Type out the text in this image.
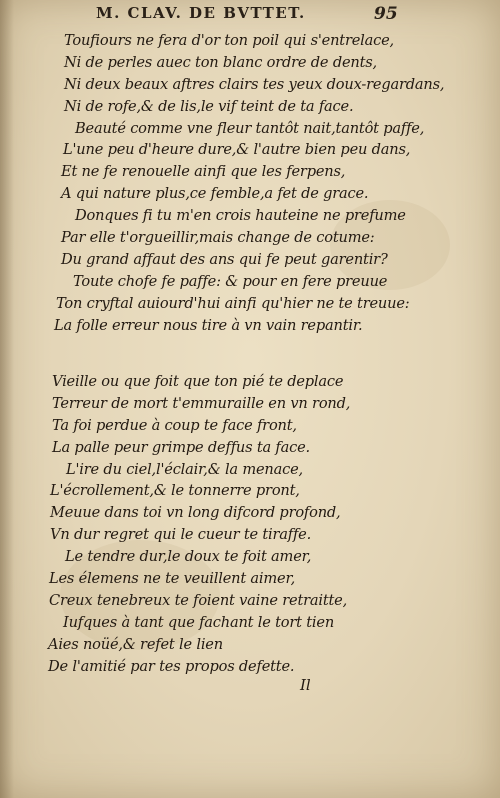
M. CLAV. DE BVTTET.	95
Toufiours ne fera d'or ton poil qui s'entrelace,
Ni de perles auec ton blanc ordre de dents,
Ni deux beaux aftres clairs tes yeux doux-regardans,
Ni de rofe,& de lis,le vif teint de ta face.
Beauté comme vne fleur tantôt nait,tantôt paffe,
L'une peu d'heure dure,& l'autre bien peu dans,
Et ne fe renouelle ainfi que les ferpens,
A qui nature plus,ce femble,a fet de grace.
Donques fi tu m'en crois hauteine ne prefume
Par elle t'orgueillir,mais change de cotume:
Du grand affaut des ans qui fe peut garentir?
Toute chofe fe paffe: & pour en fere preuue
Ton cryftal auiourd'hui ainfi qu'hier ne te treuue:
La folle erreur nous tire à vn vain repantir.
Vieille ou que foit que ton pié te deplace
Terreur de mort t'emmuraille en vn rond,
Ta foi perdue à coup te face front,
La palle peur grimpe deffus ta face.
L'ire du ciel,l'éclair,& la menace,
L'écrollement,& le tonnerre pront,
Meuue dans toi vn long difcord profond,
Vn dur regret qui le cueur te tiraffe.
Le tendre dur,le doux te foit amer,
Les élemens ne te veuillent aimer,
Creux tenebreux te foient vaine retraitte,
Iufques à tant que fachant le tort tien
Aies noüé,& refet le lien
De l'amitié par tes propos defette.
Il
